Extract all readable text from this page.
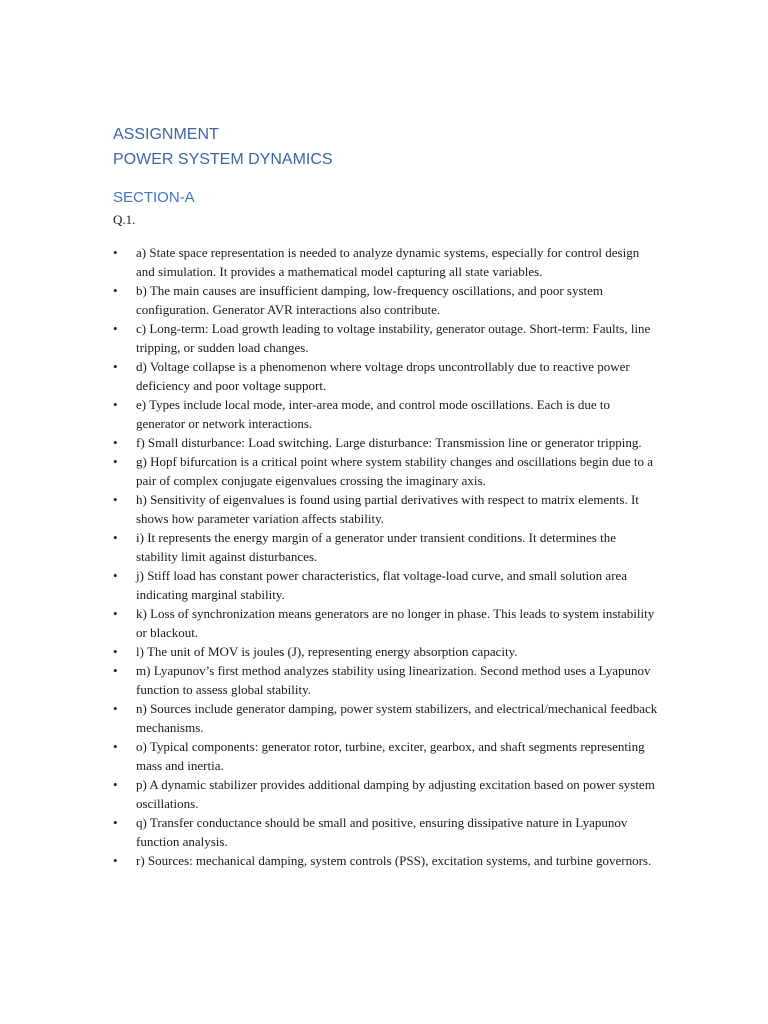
ASSIGNMENT
POWER SYSTEM DYNAMICS
SECTION-A

Q.1.

• a) State space representation is needed to analyze dynamic systems, especially for control design and simulation. It provides a mathematical model capturing all state variables.
• b) The main causes are insufficient damping, low-frequency oscillations, and poor system configuration. Generator AVR interactions also contribute.
• c) Long-term: Load growth leading to voltage instability, generator outage. Short-term: Faults, line tripping, or sudden load changes.
• d) Voltage collapse is a phenomenon where voltage drops uncontrollably due to reactive power deficiency and poor voltage support.
• e) Types include local mode, inter-area mode, and control mode oscillations. Each is due to generator or network interactions.
• f) Small disturbance: Load switching. Large disturbance: Transmission line or generator tripping.
• g) Hopf bifurcation is a critical point where system stability changes and oscillations begin due to a pair of complex conjugate eigenvalues crossing the imaginary axis.
• h) Sensitivity of eigenvalues is found using partial derivatives with respect to matrix elements. It shows how parameter variation affects stability.
• i) It represents the energy margin of a generator under transient conditions. It determines the stability limit against disturbances.
• j) Stiff load has constant power characteristics, flat voltage-load curve, and small solution area indicating marginal stability.
• k) Loss of synchronization means generators are no longer in phase. This leads to system instability or blackout.
• l) The unit of MOV is joules (J), representing energy absorption capacity.
• m) Lyapunov’s first method analyzes stability using linearization. Second method uses a Lyapunov function to assess global stability.
• n) Sources include generator damping, power system stabilizers, and electrical/mechanical feedback mechanisms.
• o) Typical components: generator rotor, turbine, exciter, gearbox, and shaft segments representing mass and inertia.
• p) A dynamic stabilizer provides additional damping by adjusting excitation based on power system oscillations.
• q) Transfer conductance should be small and positive, ensuring dissipative nature in Lyapunov function analysis.
• r) Sources: mechanical damping, system controls (PSS), excitation systems, and turbine governors.
